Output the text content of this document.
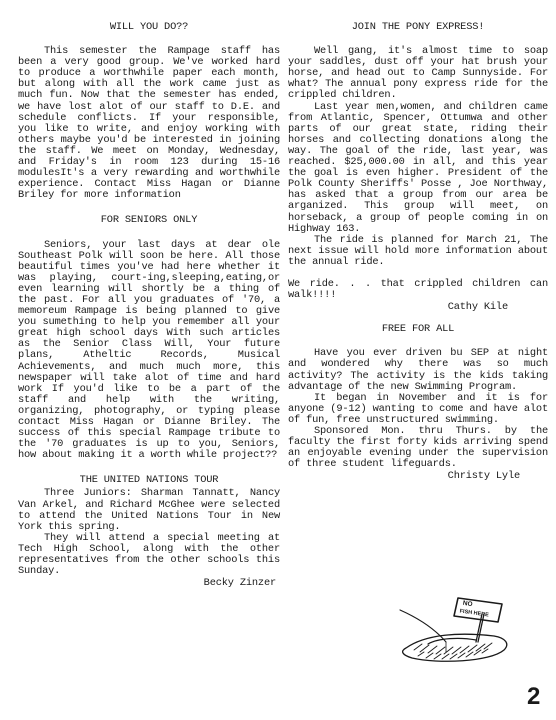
WILL YOU DO??

This semester the Rampage staff has been a very good group. We've worked hard to produce a worthwhile paper each month, but along with all the work came just as much fun. Now that the semester has ended, we have lost alot of our staff to D.E. and schedule conflicts. If your responsible, you like to write, and enjoy working with others maybe you'd be interested in joining the staff. We meet on Monday, Wednesday, and Friday's in room 123 during 15-16 modulesIt's a very rewarding and worthwhile experience. Contact Miss Hagan or Dianne Briley for more information

FOR SENIORS ONLY

Seniors, your last days at dear ole Southeast Polk will soon be here. All those beautiful times you've had here whether it was playing, court-ing,sleeping,eating,or even learning will shortly be a thing of the past. For all you graduates of '70, a memoreum Rampage is being planned to give you sumething to help you remember all your great high school days With such articles as the Senior Class Will, Your future plans, Atheltic Records, Musical Achievements, and much much more, this newspaper will take alot of time and hard work If you'd like to be a part of the staff and help with the writing, organizing, photography, or typing please contact Miss Hagan or Dianne Briley. The success of this special Rampage tribute to the '70 graduates is up to you, Seniors, how about making it a worth while project??

THE UNITED NATIONS TOUR

Three Juniors: Sharman Tannatt, Nancy Van Arkel, and Richard McGhee were selected to attend the United Nations Tour in New York this spring.

They will attend a special meeting at Tech High School, along with the other representatives from the other schools this Sunday.

Becky Zinzer
JOIN THE PONY EXPRESS!

Well gang, it's almost time to soap your saddles, dust off your hat brush your horse, and head out to Camp Sunnyside. For what? The annual pony express ride for the crippled children.

Last year men,women, and children came from Atlantic, Spencer, Ottumwa and other parts of our great state, riding their horses and collecting donations along the way. The goal of the ride, last year, was reached. $25,000.00 in all, and this year the goal is even higher. President of the Polk County Sheriffs' Posse , Joe Northway, has asked that a group from our area be arganized. This group will meet, on horseback, a group of people coming in on Highway 163.

The ride is planned for March 21, The next issue will hold more information about the annual ride.

We ride. . . that crippled children can walk!!!!

Cathy Kile
FREE FOR ALL

Have you ever driven bu SEP at night and wondered why there was so much activity? The activity is the kids taking advantage of the new Swimming Program.

It began in November and it is for anyone (9-12) wanting to come and have alot of fun, free unstructured swimming.

Sponsored Mon. thru Thurs. by the faculty the first forty kids arriving spend an enjoyable evening under the supervision of three student lifeguards.

Christy Lyle
NO
FISH HERE
2
